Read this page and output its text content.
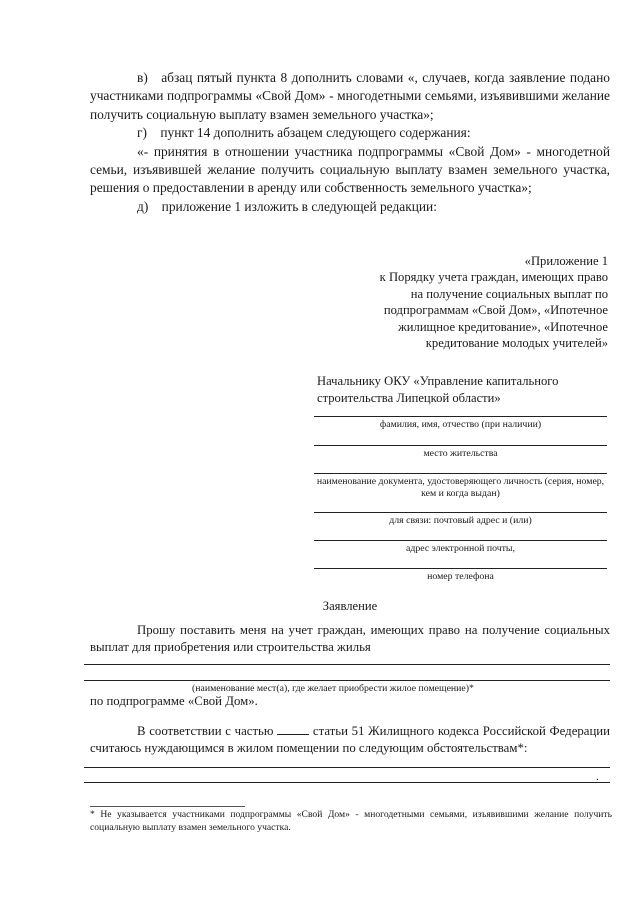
в)   абзац пятый пункта 8 дополнить словами «, случаев, когда заявление подано участниками подпрограммы «Свой Дом» - многодетными семьями, изъявившими желание получить социальную выплату взамен земельного участка»;

г)    пункт 14 дополнить абзацем следующего содержания:

«- принятия в отношении участника подпрограммы «Свой Дом» - многодетной семьи, изъявившей желание получить социальную выплату взамен земельного участка, решения о предоставлении в аренду или собственность земельного участка»;

д)    приложение 1 изложить в следующей редакции:

«Приложение 1
к Порядку учета граждан, имеющих право
на получение социальных выплат по
подпрограммам «Свой Дом», «Ипотечное
жилищное кредитование», «Ипотечное
кредитование молодых учителей»
Начальнику ОКУ «Управление капитального
строительства Липецкой области»
фамилия, имя, отчество (при наличии)
место жительства
наименование документа, удостоверяющего личность (серия, номер, кем и когда выдан)
для связи: почтовый адрес и (или)
адрес электронной почты,
номер телефона
Заявление

Прошу поставить меня на учет граждан, имеющих право на получение социальных выплат для приобретения или строительства жилья

(наименование мест(а), где желает приобрести жилое помещение)*

по подпрограмме «Свой Дом».

В соответствии с частью	статьи 51 Жилищного кодекса Российской Федерации считаюсь нуждающимся в жилом помещении по следующим обстоятельствам*:

.
* Не указывается участниками подпрограммы «Свой Дом» - многодетными семьями, изъявившими желание получить социальную выплату взамен земельного участка.
